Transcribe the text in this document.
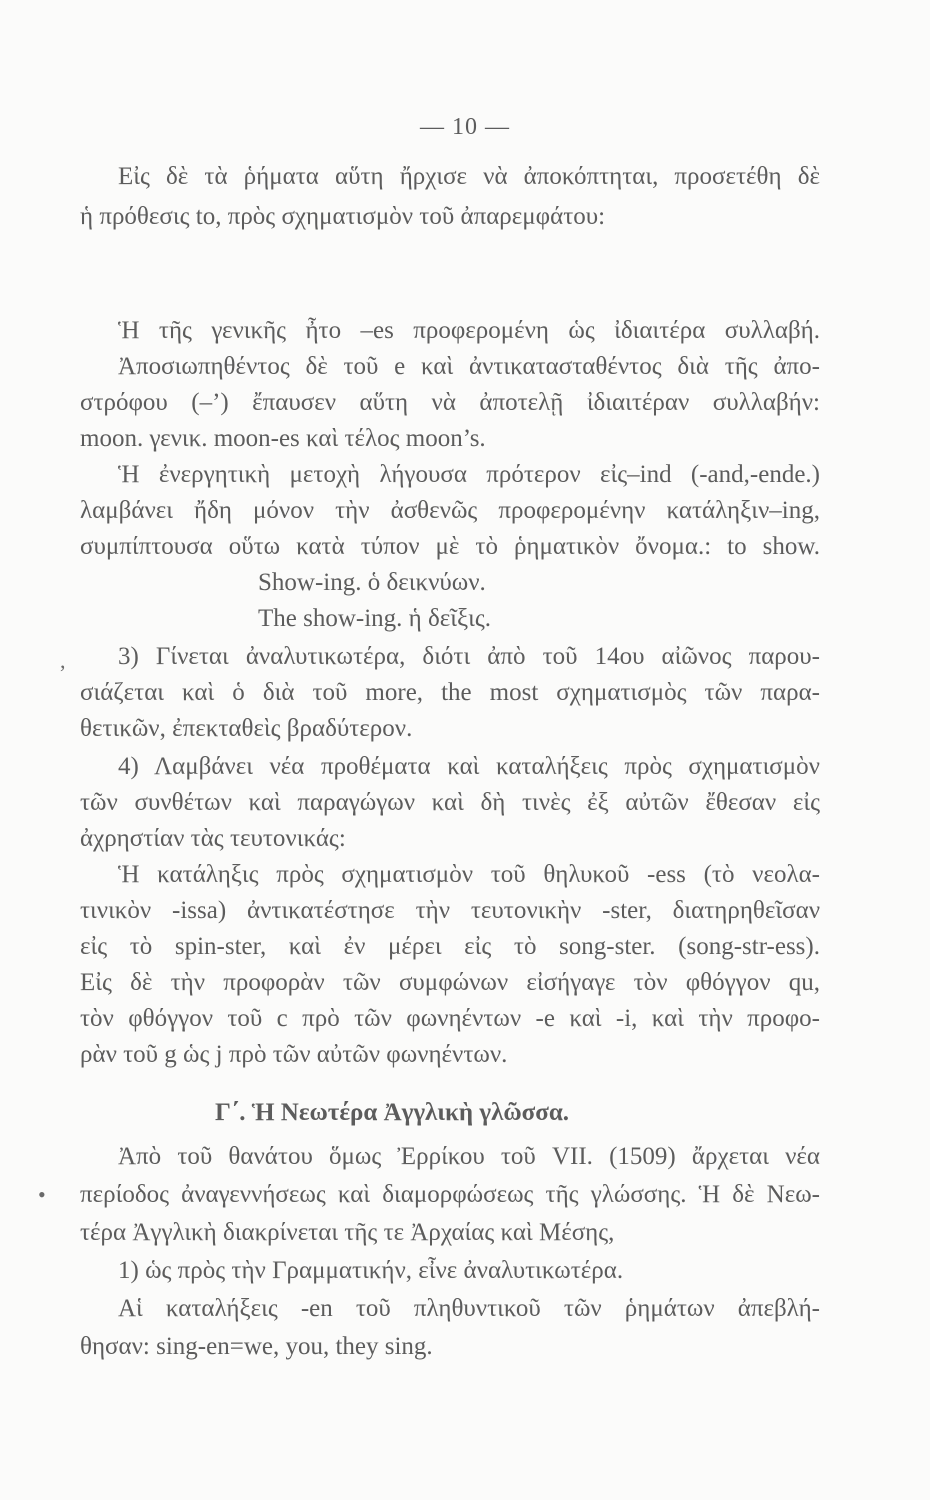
— 10 —
Εἰς δὲ τὰ ῥήματα αὕτη ἤρχισε νὰ ἀποκόπτηται, προσετέθη δὲ
ἡ πρόθεσις to, πρὸς σχηματισμὸν τοῦ ἀπαρεμφάτου:
Ἡ τῆς γενικῆς ἦτο –es προφερομένη ὡς ἰδιαιτέρα συλλαβή.
Ἀποσιωπηθέντος δὲ τοῦ e καὶ ἀντικατασταθέντος διὰ τῆς ἀπο-
στρόφου (–’) ἔπαυσεν αὕτη νὰ ἀποτελῇ ἰδιαιτέραν συλλαβήν:
moon. γενικ. moon-es καὶ τέλος moon’s.
Ἡ ἐνεργητικὴ μετοχὴ λήγουσα πρότερον εἰς–ind (-and,-ende.)
λαμβάνει ἤδη μόνον τὴν ἀσθενῶς προφερομένην κατάληξιν–ing,
συμπίπτουσα οὕτω κατὰ τύπον μὲ τὸ ῥηματικὸν ὄνομα.: to show.
Show-ing. ὁ δεικνύων.
The show-ing. ἡ δεῖξις.
, 3) Γίνεται ἀναλυτικωτέρα, διότι ἀπὸ τοῦ 14ου αἰῶνος παρου-
σιάζεται καὶ ὁ διὰ τοῦ more, the most σχηματισμὸς τῶν παρα-
θετικῶν, ἐπεκταθεὶς βραδύτερον.
4) Λαμβάνει νέα προθέματα καὶ καταλήξεις πρὸς σχηματισμὸν
τῶν συνθέτων καὶ παραγώγων καὶ δὴ τινὲς ἐξ αὐτῶν ἔθεσαν εἰς
ἀχρηστίαν τὰς τευτονικάς:
Ἡ κατάληξις πρὸς σχηματισμὸν τοῦ θηλυκοῦ -ess (τὸ νεολα-
τινικὸν -issa) ἀντικατέστησε τὴν τευτονικὴν -ster, διατηρηθεῖσαν
εἰς τὸ spin-ster, καὶ ἐν μέρει εἰς τὸ song-ster. (song-str-ess).
Εἰς δὲ τὴν προφορὰν τῶν συμφώνων εἰσήγαγε τὸν φθόγγον qu,
τὸν φθόγγον τοῦ c πρὸ τῶν φωνηέντων -e καὶ -i, καὶ τὴν προφο-
ρὰν τοῦ g ὡς j πρὸ τῶν αὐτῶν φωνηέντων.
Γ΄. Ἡ Νεωτέρα Ἀγγλικὴ γλῶσσα.
Ἀπὸ τοῦ θανάτου ὅμως Ἐρρίκου τοῦ VII. (1509) ἄρχεται νέα
• περίοδος ἀναγεννήσεως καὶ διαμορφώσεως τῆς γλώσσης. Ἡ δὲ Νεω-
τέρα Ἀγγλικὴ διακρίνεται τῆς τε Ἀρχαίας καὶ Μέσης,
1) ὡς πρὸς τὴν Γραμματικήν, εἶνε ἀναλυτικωτέρα.
Αἱ καταλήξεις -en τοῦ πληθυντικοῦ τῶν ῥημάτων ἀπεβλή-
θησαν: sing-en=we, you, they sing.
